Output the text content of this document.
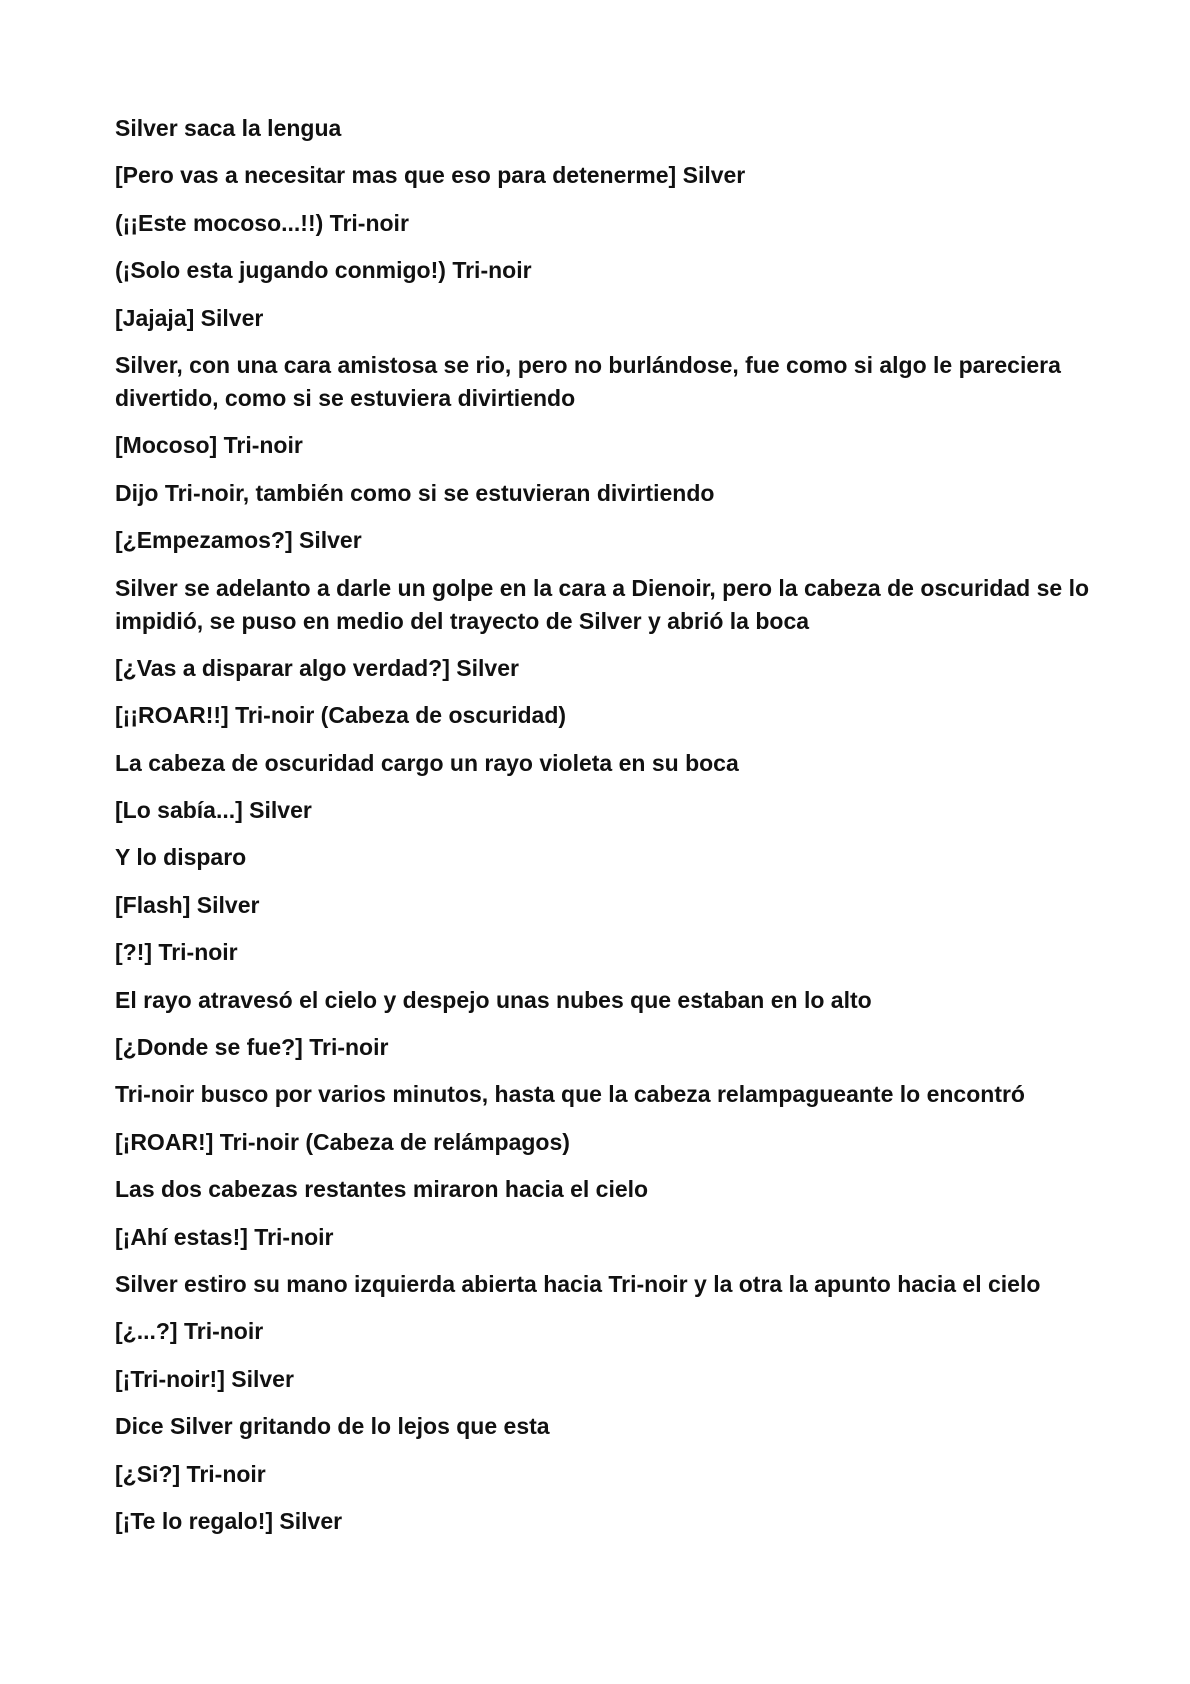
Silver saca la lengua

[Pero vas a necesitar mas que eso para detenerme] Silver

(¡¡Este mocoso...!!) Tri-noir

(¡Solo esta jugando conmigo!) Tri-noir

[Jajaja] Silver

Silver, con una cara amistosa se rio, pero no burlándose, fue como si algo le pareciera divertido, como si se estuviera divirtiendo

[Mocoso] Tri-noir

Dijo Tri-noir, también como si se estuvieran divirtiendo

[¿Empezamos?] Silver

Silver se adelanto a darle un golpe en la cara a Dienoir, pero la cabeza de oscuridad se lo impidió, se puso en medio del trayecto de Silver y abrió la boca

[¿Vas a disparar algo verdad?] Silver

[¡¡ROAR!!] Tri-noir (Cabeza de oscuridad)

La cabeza de oscuridad cargo un rayo violeta en su boca

[Lo sabía...] Silver

Y lo disparo

[Flash] Silver

[?!] Tri-noir

El rayo atravesó el cielo y despejo unas nubes que estaban en lo alto

[¿Donde se fue?] Tri-noir

Tri-noir busco por varios minutos, hasta que la cabeza relampagueante lo encontró

[¡ROAR!] Tri-noir (Cabeza de relámpagos)

Las dos cabezas restantes miraron hacia el cielo

[¡Ahí estas!] Tri-noir

Silver estiro su mano izquierda abierta hacia Tri-noir y la otra la apunto hacia el cielo

[¿...?] Tri-noir

[¡Tri-noir!] Silver

Dice Silver gritando de lo lejos que esta

[¿Si?] Tri-noir

[¡Te lo regalo!] Silver
